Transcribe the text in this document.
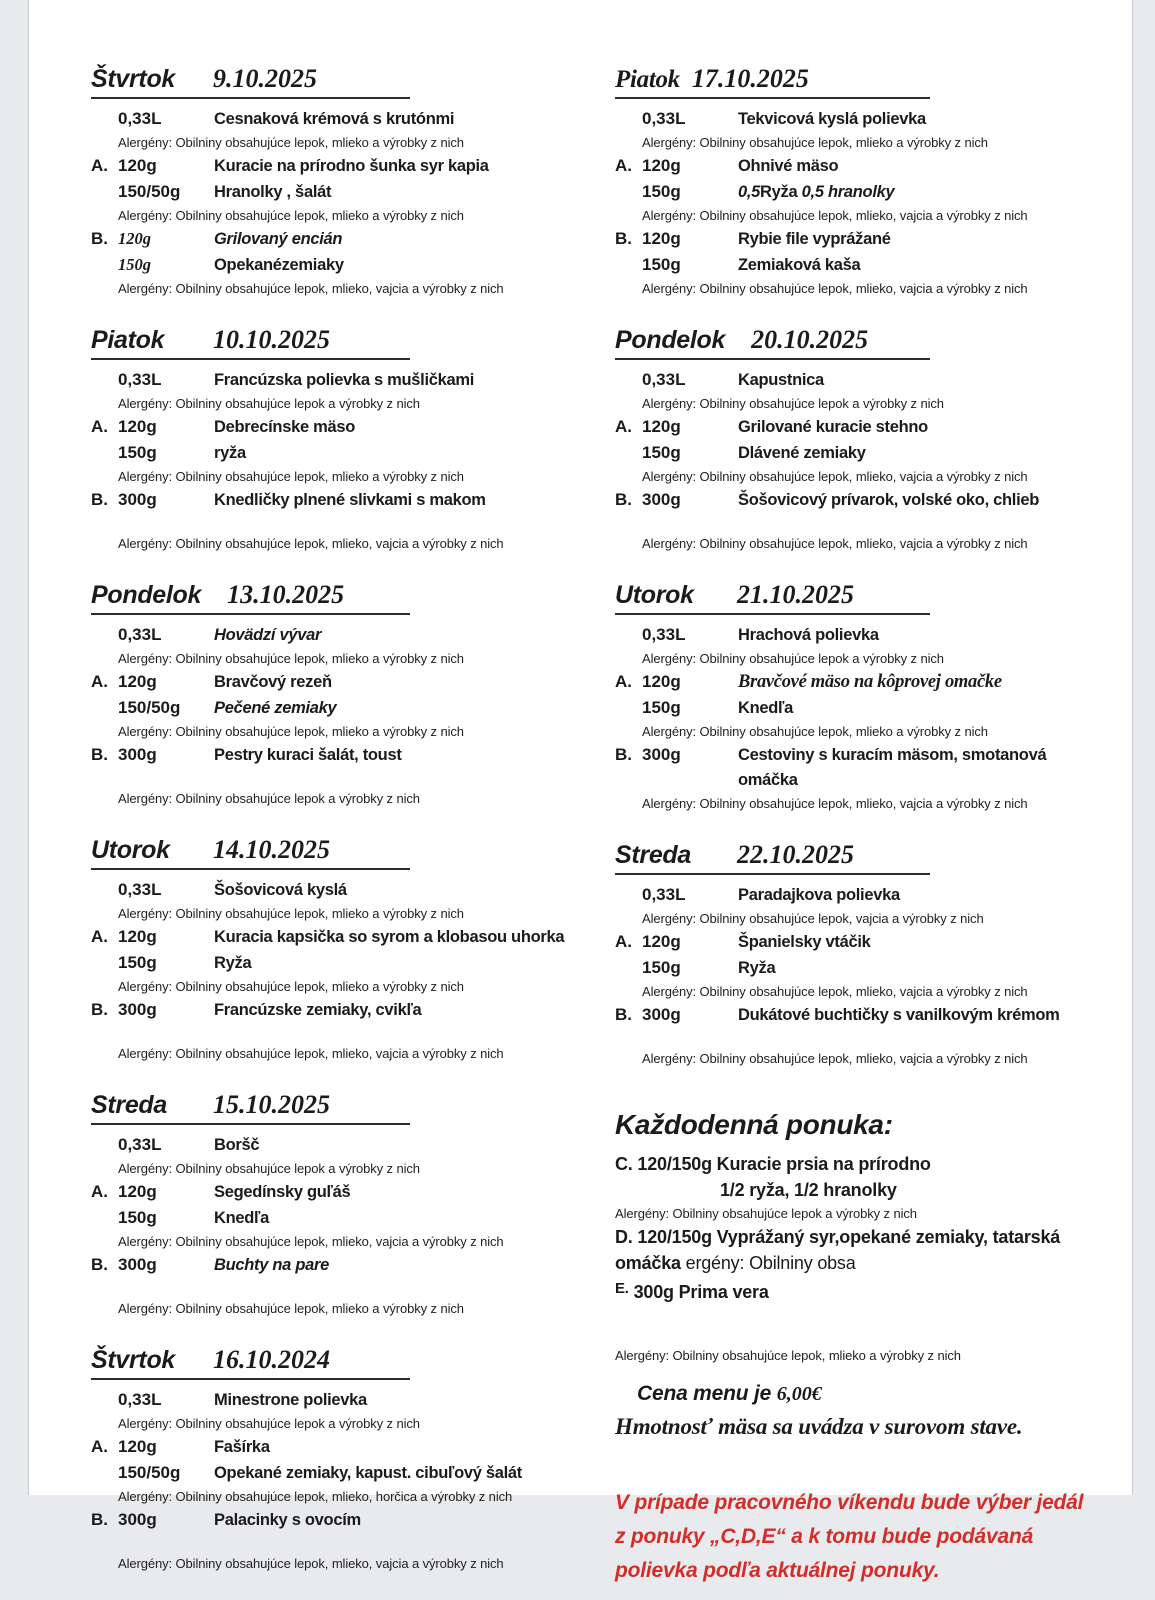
Štvrtok	9.10.2025
0,33L	Cesnaková krémová s krutónmi
Alergény: Obilniny obsahujúce lepok, mlieko a výrobky z nich
A. 120g	Kuracie na prírodno šunka syr kapia
150/50g	Hranolky , šalát
Alergény: Obilniny obsahujúce lepok, mlieko a výrobky z nich
B. 120g	Grilovaný encián
150g	Opekanézemiaky
Alergény: Obilniny obsahujúce lepok, mlieko, vajcia a výrobky z nich
Piatok	10.10.2025
0,33L	Francúzska polievka s mušličkami
Alergény: Obilniny obsahujúce lepok a výrobky z nich
A. 120g	Debrecínske mäso
150g	ryža
Alergény: Obilniny obsahujúce lepok, mlieko a výrobky z nich
B. 300g	Knedličky plnené slivkami s makom
Alergény: Obilniny obsahujúce lepok, mlieko, vajcia a výrobky z nich
Pondelok 13.10.2025
0,33L	Hovädzí vývar
Alergény: Obilniny obsahujúce lepok, mlieko a výrobky z nich
A. 120g	Bravčový rezeň
150/50g	Pečené zemiaky
Alergény: Obilniny obsahujúce lepok, mlieko a výrobky z nich
B. 300g	Pestry kuraci šalát, toust
Alergény: Obilniny obsahujúce lepok a výrobky z nich
Utorok	14.10.2025
0,33L	Šošovicová kyslá
Alergény: Obilniny obsahujúce lepok, mlieko a výrobky z nich
A. 120g	Kuracia kapsička so syrom a klobasou uhorka
150g	Ryža
Alergény: Obilniny obsahujúce lepok, mlieko a výrobky z nich
B. 300g	Francúzske zemiaky, cvikľa
Alergény: Obilniny obsahujúce lepok, mlieko, vajcia a výrobky z nich
Streda	15.10.2025
0,33L	Boršč
Alergény: Obilniny obsahujúce lepok a výrobky z nich
A. 120g	Segedínsky guľáš
150g	Knedľa
Alergény: Obilniny obsahujúce lepok, mlieko, vajcia a výrobky z nich
B. 300g	Buchty na pare
Alergény: Obilniny obsahujúce lepok, mlieko a výrobky z nich
Štvrtok	16.10.2024
0,33L	Minestrone polievka
Alergény: Obilniny obsahujúce lepok a výrobky z nich
A. 120g	Fašírka
150/50g	Opekané zemiaky, kapust. cibuľový šalát
Alergény: Obilniny obsahujúce lepok, mlieko, horčica a výrobky z nich
B. 300g	Palacinky s ovocím
Alergény: Obilniny obsahujúce lepok, mlieko, vajcia a výrobky z nich
Piatok 17.10.2025
0,33L	Tekvicová kyslá polievka
Alergény: Obilniny obsahujúce lepok, mlieko a výrobky z nich
A. 120g	Ohnivé mäso
150g	0,5Ryža 0,5 hranolky
Alergény: Obilniny obsahujúce lepok, mlieko, vajcia a výrobky z nich
B. 120g	Rybie file vyprážané
150g	Zemiaková kaša
Alergény: Obilniny obsahujúce lepok, mlieko, vajcia a výrobky z nich
Pondelok 20.10.2025
0,33L	Kapustnica
Alergény: Obilniny obsahujúce lepok a výrobky z nich
A. 120g	Grilované kuracie stehno
150g	Dlávené zemiaky
Alergény: Obilniny obsahujúce lepok, mlieko, vajcia a výrobky z nich
B. 300g	Šošovicový prívarok, volské oko, chlieb
Alergény: Obilniny obsahujúce lepok, mlieko, vajcia a výrobky z nich
Utorok	21.10.2025
0,33L	Hrachová polievka
Alergény: Obilniny obsahujúce lepok a výrobky z nich
A. 120g	Bravčové mäso na kôprovej omačke
150g	Knedľa
Alergény: Obilniny obsahujúce lepok, mlieko a výrobky z nich
B. 300g	Cestoviny s kuracím mäsom, smotanová omáčka
Alergény: Obilniny obsahujúce lepok, mlieko, vajcia a výrobky z nich
Streda	22.10.2025
0,33L	Paradajkova polievka
Alergény: Obilniny obsahujúce lepok, vajcia a výrobky z nich
A. 120g	Španielsky vtáčik
150g	Ryža
Alergény: Obilniny obsahujúce lepok, mlieko, vajcia a výrobky z nich
B. 300g	Dukátové buchtičky s vanilkovým krémom
Alergény: Obilniny obsahujúce lepok, mlieko, vajcia a výrobky z nich
Každodenná ponuka:
C. 120/150g Kuracie prsia na prírodno
1/2 ryža, 1/2 hranolky
Alergény: Obilniny obsahujúce lepok a výrobky z nich
D. 120/150g Vyprážaný syr,opekané zemiaky, tatarská
omáčka ergény: Obilniny obsa
$^{E.}$ 300g Prima vera
Alergény: Obilniny obsahujúce lepok, mlieko a výrobky z nich
Cena menu je 6,00€
Hmotnosť mäsa sa uvádza v surovom stave.
V prípade pracovného víkendu bude výber jedál
z ponuky „C,D,E“ a k tomu bude podávaná
polievka podľa aktuálnej ponuky.
